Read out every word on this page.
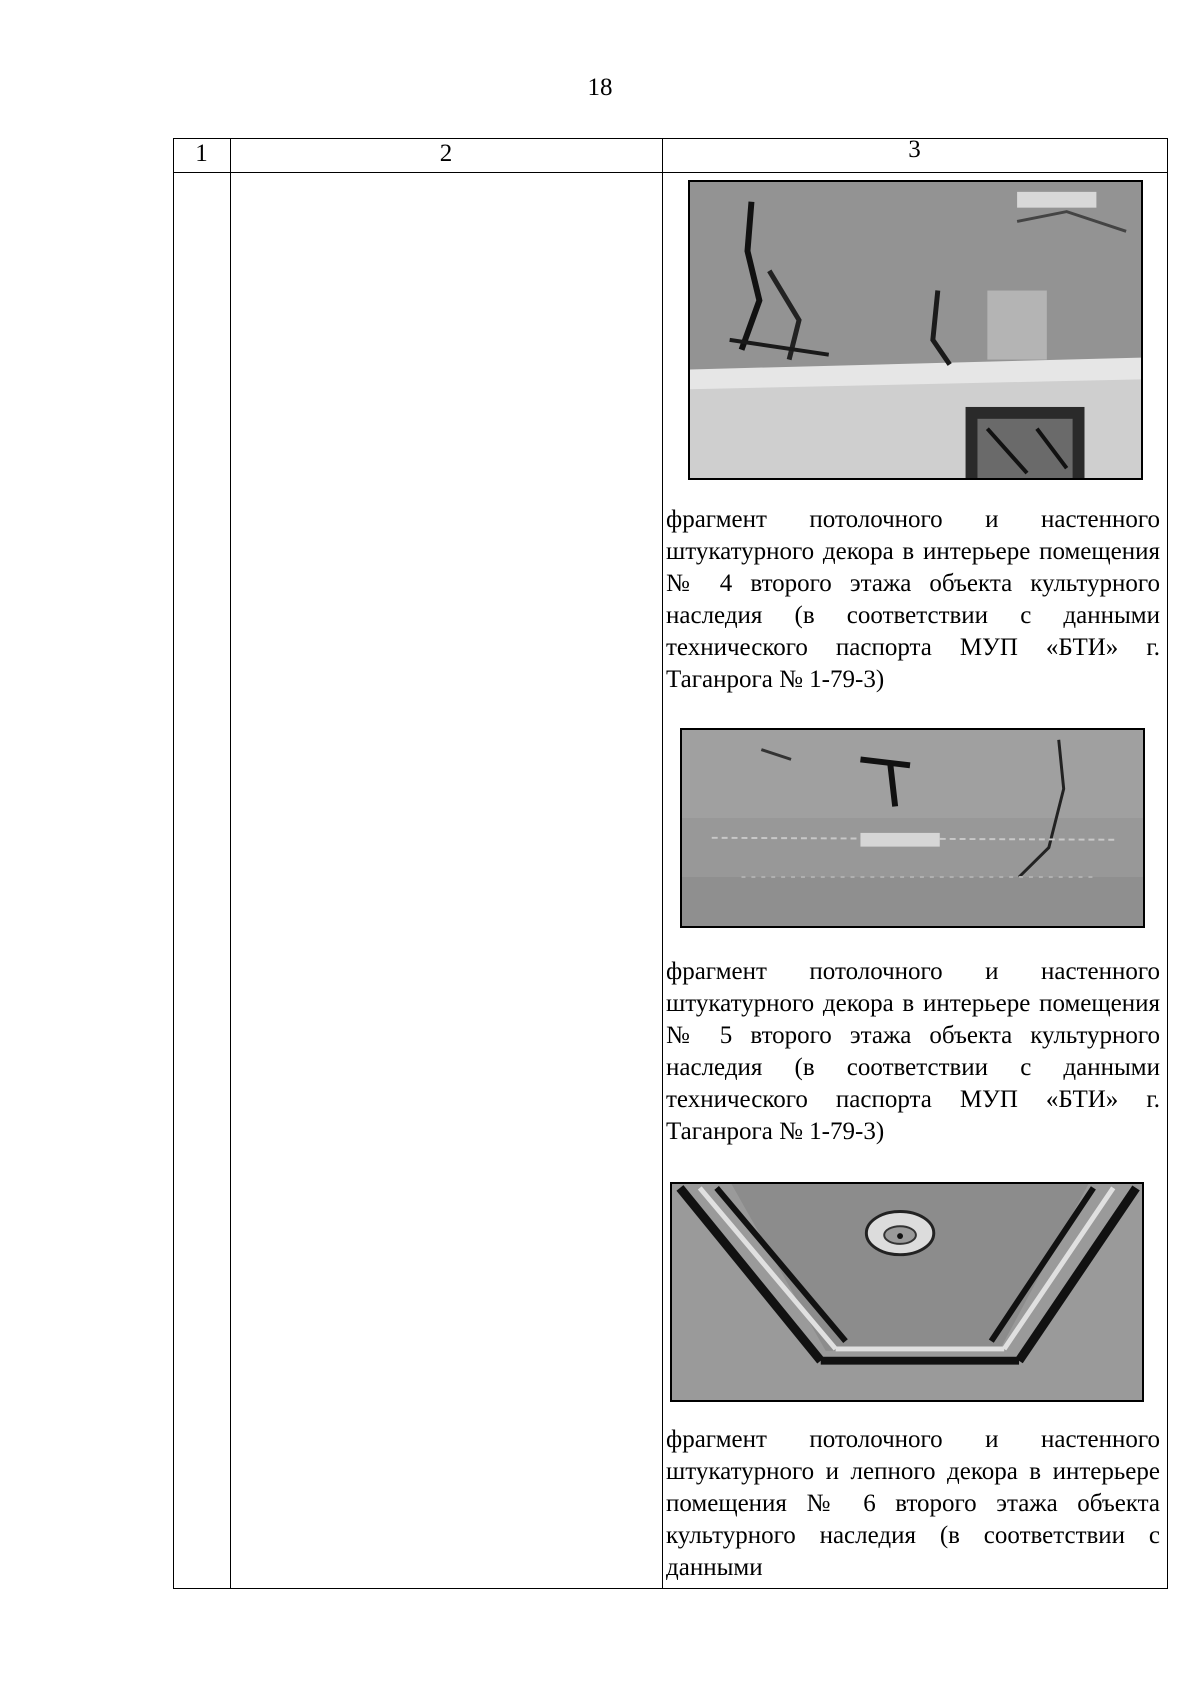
18
1	2	3
фрагмент потолочного и настенного штукатурного декора в интерьере помещения № 4 второго этажа объекта культурного наследия (в соответствии с данными технического паспорта МУП «БТИ» г. Таганрога № 1-79-3)
фрагмент потолочного и настенного штукатурного декора в интерьере помещения № 5 второго этажа объекта культурного наследия (в соответствии с данными технического паспорта МУП «БТИ» г. Таганрога № 1-79-3)
фрагмент потолочного и настенного штукатурного и лепного декора в интерьере помещения № 6 второго этажа объекта культурного наследия (в соответствии с данными
